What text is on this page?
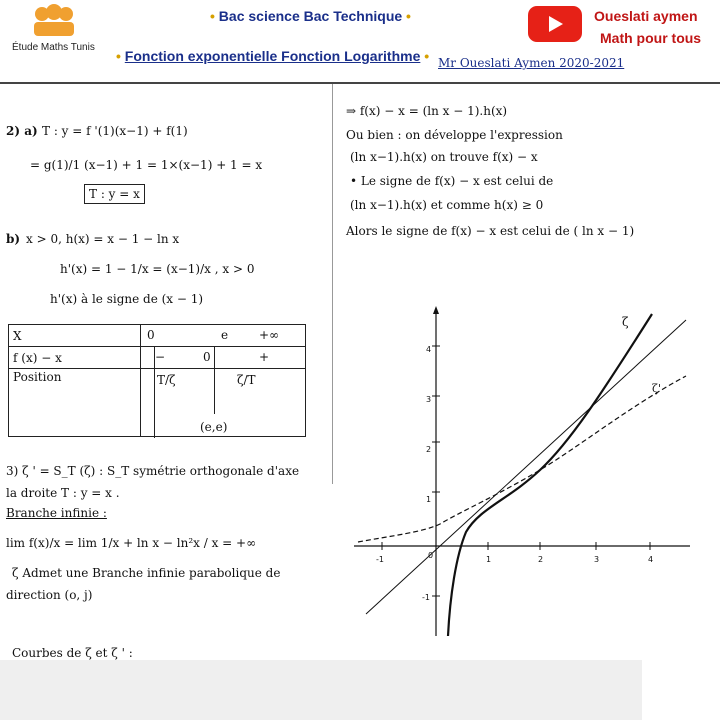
Étude Maths Tunis
• Bac science Bac Technique •
• Fonction exponentielle Fonction Logarithme • Mr Oueslati Aymen 2020-2021
Oueslati aymen
Math pour tous
2) a) T : y = f '(1)(x−1) + f(1)
= g(1)/1 (x−1) + 1 = 1×(x−1) + 1 = x
T : y = x
b) x > 0, h(x) = x − 1 − ln x
h'(x) = 1 − 1/x = (x−1)/x , x > 0
h'(x) à le signe de (x − 1)
X	0 e +∞

f (x) − x	− 0 +

Position	T/ζ ζ/T
(e,e)
3) ζ ' = S_T (ζ) : S_T symétrie orthogonale d'axe
la droite T : y = x .
Branche infinie :
lim f(x)/x = lim 1/x + ln x − ln²x / x = +∞
ζ Admet une Branche infinie parabolique de
direction (o, j)
Courbes de ζ et ζ ' :
⇒ f(x) − x = (ln x − 1).h(x)
Ou bien : on développe l'expression
(ln x−1).h(x) on trouve f(x) − x
• Le signe de f(x) − x est celui de
(ln x−1).h(x) et comme h(x) ≥ 0
Alors le signe de f(x) − x est celui de ( ln x − 1)
ζ
ζ'
-1	1	2	3	4
1
2
3
4
-1
0
